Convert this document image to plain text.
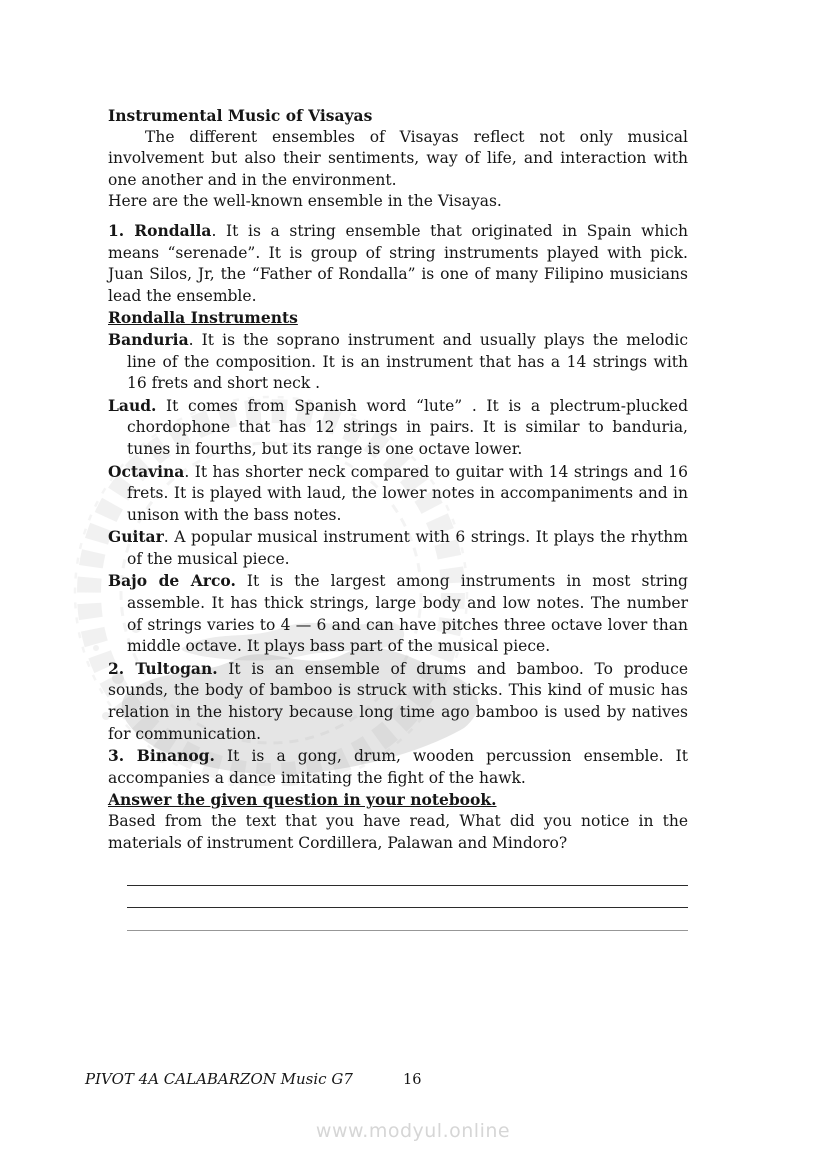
Instrumental Music of Visayas

The different ensembles of Visayas reflect not only musical involvement but also their sentiments, way of life, and interaction with one another and in the environment.

Here are the well-known ensemble in the Visayas.

1. Rondalla. It is a string ensemble that originated in Spain which means “serenade”. It is group of string instruments played with pick. Juan Silos, Jr, the “Father of Rondalla” is one of many Filipino musicians lead the ensemble.

Rondalla Instruments

Banduria. It is the soprano instrument and usually plays the melodic line of the composition. It is an instrument that has a 14 strings with 16 frets and short neck .

Laud. It comes from Spanish word “lute” . It is a plectrum-plucked chordophone that has 12 strings in pairs. It is similar to banduria, tunes in fourths, but its range is one octave lower.

Octavina. It has shorter neck compared to guitar with 14 strings and 16 frets. It is played with laud, the lower notes in accompaniments and in unison with the bass notes.

Guitar. A popular musical instrument with 6 strings. It plays the rhythm of the musical piece.

Bajo de Arco. It is the largest among instruments in most string assemble. It has thick strings, large body and low notes. The number of strings varies to 4 — 6 and can have pitches three octave lover than middle octave. It plays bass part of the musical piece.

2. Tultogan. It is an ensemble of drums and bamboo. To produce sounds, the body of bamboo is struck with sticks. This kind of music has relation in the history because long time ago bamboo is used by natives for communication.

3. Binanog. It is a gong, drum, wooden percussion ensemble. It accompanies a dance imitating the fight of the hawk.

Answer the given question in your notebook.

Based from the text that you have read, What did you notice in the materials of instrument Cordillera, Palawan and Mindoro?

PIVOT 4A CALABARZON Music G7	16
www.modyul.online
